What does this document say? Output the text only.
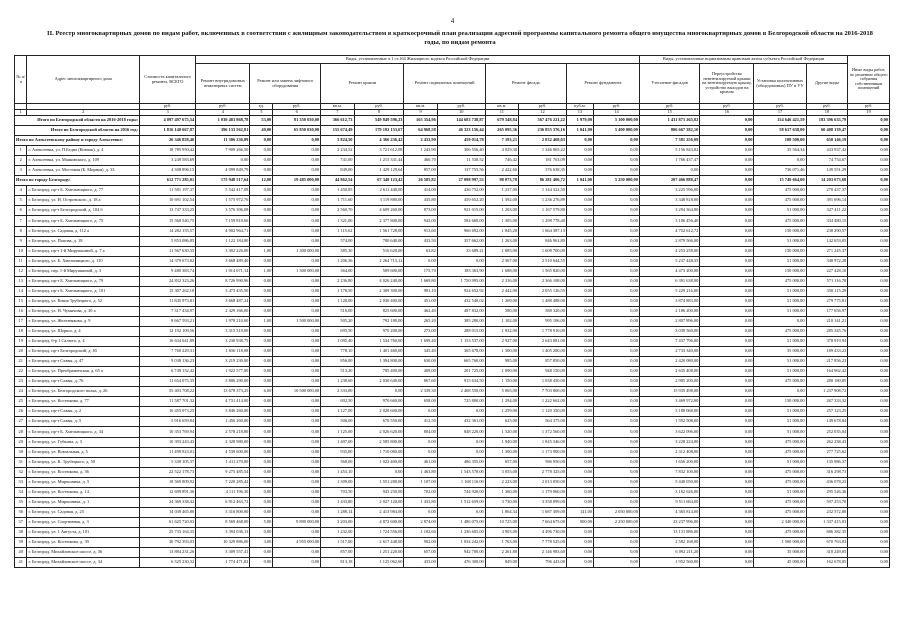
4
II. Реестр многоквартирных домов по видам работ, включенных в соответствии с жилищным законодательством в краткосрочный план реализации адресной программы капитального ремонта общего имущества многоквартирных домов в Белгородской области на 2016-2018 годы, по видам ремонта
№ п/п	Адрес многоквартирного дома	Стоимость капитального ремонта, ВСЕГО	Виды, установленные ч.1 ст.164 Жилищного кодекса Российской Федерации											Виды, установленные нормативным правовым актом субъекта Российской Федерации				Иные виды работ, по решению общего собрания собственников помещений
			Ремонт внутридомовых инженерных систем	Ремонт или замена лифтового оборудования		Ремонт крыши		Ремонт подвальных помещений		Ремонт фасада		Ремонт фундамента		Утепление фасадов	Переустройство невентилируемой крыши на вентилируемую крышу, устройство выходов на кровлю	Установка коллективных (общедомовых) ПУ и УУ	Другие виды	
		руб.	руб.	ед.	руб.	кв.м.	руб.	кв.м.	руб.	кв.м.	руб.	куб.м.	руб.	руб.	руб.	руб.	руб.	руб.
1	2	3	4	5	6	7	8	9	10	11	12	13	14	15	16	17	18	19
Итого по Белгородской области на 2016-2018 годы:		4 097 497 675,54	1 039 483 868,78	53,00	81 350 030,00	366 612,73	549 849 596,23	165 354,96	144 683 738,87	679 548,84	567 476 221,22	1 979,00	5 100 000,00	1 431 871 265,82	0,00	154 646 421,59	183 396 633,79	0,00
Итого по Белгородской области на 2016 год:		1 816 140 667,87	396 133 562,81	40,00	65 850 030,00	155 674,49	179 192 153,67	64 968,58	46 323 156,44	265 095,36	236 855 376,16	1 041,00	5 400 000,00	806 667 382,10	0,00	58 617 638,00	60 408 139,47	0,00
Итого по Алексеевскому району и городу Алексеевке:		26 346 858,40	11 306 236,89	0,00	0,00	3 824,50	4 366 236,42	2 433,90	459 014,78	7 193,21	2 032 468,03	0,00	0,00	7 381 256,09	0,00	108 500,00	658 146,19	0,00
1	г. Алексеевка, ул. П.Бедна (Ковпак), д. 4	18 785 950,42	7 909 266,50	0,00	0,00	2 234,52	3 721 612,08	1 243,90	306 556,40	4 029,30	1 346 065,22	0,00	0,00	5 156 843,82	0,00	35 564,34	433 937,42	0,00
2	г. Алексеевка, ул. Маяковского, д. 109	3 249 583,69	0,00	0,00	0,00	741,00	1 215 331,44	460,70	11 530,52	746,42	181 763,09	0,00	0,00	1 766 437,47	0,00	0,00	74 754,67	0,00
3	г. Алексеевка, ул. Мостовая (Б. Мирная), д. 33	4 308 896,15	4 099 849,79	0,00	0,00	849,00	1 429 129,64	857,00	137 755,56	2 422,60	376 638,35	0,00	0,00	0,00	0,00	736 071,46	149 551,29	0,00
Итого по городу Белгороду:		612 771 285,01	175 948 517,64	12,00	19 485 000,00	44 862,54	67 348 123,42	26 585,82	27 098 997,53	98 073,78	86 281 406,72	1 041,00	5 250 000,00	207 466 888,47	0,00	15 749 664,00	14 203 673,68	0,00
4	г. Белгород, пр-т Б. Хмельницкого, д. 77	11 581 197,37	5 542 417,08	0,00	0,00	1 450,85	2 611 440,00	414,00	436 752,00	1 237,00	1 144 322,50	0,00	0,00	3 225 596,00	0,00	475 000,00	270 437,37	0,00
5	г. Белгород, ул. Н. Островского, д. 18 а	10 691 102,54	1 575 972,76	0,00	0,00	1 711,60	3 119 880,00	435,80	459 652,20	1 392,00	1 236 276,89	0,00	0,00	3 348 818,00	0,00	475 000,00	391 696,14	0,00
6	г. Белгород, пр-т Белгородский, д. 104 б	13 747 333,25	3 576 396,08	0,00	0,00	2 560,70	4 609 260,00	873,00	921 015,00	1 203,00	1 167 579,80	0,00	0,00	3 294 364,80	0,00	51 000,00	327 411,22	0,00
7	г. Белгород, пр-т Б. Хмельницкого, д. 75	15 560 540,75	7 159 818,66	0,00	0,00	1 321,00	2 377 800,00	943,00	584 660,00	1 305,00	1 298 778,40	0,00	0,00	3 106 456,40	0,00	475 000,00	334 480,15	0,00
8	г. Белгород, ул. Садовая, д. 112 а	14 282 155,57	4 902 964,71	0,00	0,00	1 115,62	1 561 728,00	913,60	966 692,00	1 845,20	1 664 387,13	0,00	0,00	4 752 612,72	0,00	150 000,00	238 290,57	0,00
9	г. Белгород, ул. Попова, д. 18	5 853 086,85	1 122 184,00	0,00	0,00	574,00	780 640,00	433,50	357 662,00	1 263,00	846 961,80	0,00	0,00	2 879 566,00	0,00	51 000,00	142 653,05	0,00
10	г. Белгород, пр-т 1-й Мирушкиной, д. 7 а	11 567 630,35	3 302 226,00	1,00	1 300 000,00	385,30	516 620,00	63,82	33 689,21	1 085,00	1 608 700,00	0,00	0,00	4 253 258,00	0,00	150 000,00	271 245,37	0,00
11	г. Белгород, ул. Б. Хмельницкого, д. 110	14 379 673,82	3 668 489,40	0,00	0,00	1 206,36	2 264 713,12	0,00	0,00	2 367,00	2 510 644,55	0,00	0,00	5 237 448,35	0,00	51 000,00	348 972,28	0,00
12	г. Белгород, пер. 1-й Мирушкиной, д. 3	9 480 383,74	1 014 671,14	1,00	1 300 000,00	364,00	509 600,00	175,70	183 363,90	1 688,00	1 565 820,00	0,00	0,00	4 473 200,00	0,00	150 000,00	227 428,10	0,00
13	г. Белгород, пр-т Б. Хмельницкого, д. 79	24 832 323,26	8 726 990,96	0,00	0,00	2 236,80	4 026 240,00	1 669,80	1 750 995,00	2 316,00	2 366 108,00	0,00	0,00	6 391 638,00	0,00	475 000,00	571 116,78	0,00
14	г. Белгород, пр-т Б. Хмельницкого, д. 101	15 307 262,10	3 473 435,50	0,00	0,00	1 178,50	2 309 300,00	981,10	924 652,92	2 442,00	2 055 126,55	0,00	0,00	5 229 216,00	0,00	51 000,00	350 115,29	0,00
15	г. Белгород, ул. Князя Трубецкого, д. 52	11 845 973,81	3 668 487,24	0,00	0,00	1 128,00	2 030 400,00	451,00	432 540,02	1 269,00	1 488 488,00	0,00	0,00	3 874 883,00	0,00	51 000,00	279 775,81	0,00
16	г. Белгород, ул. Н. Чумичова, д. 30 а	7 317 434,97	2 429 166,00	0,00	0,00	516,00	825 600,00	462,40	487 832,00	580,00	588 320,00	0,00	0,00	2 186 200,00	0,00	51 000,00	177 656,97	0,00
17	г. Белгород, ул. Железнякова, д. 9	8 667 593,21	1 978 210,00	1,00	1 500 000,00	505,20	792 180,00	265,20	385 280,00	1 102,00	995 106,00	0,00	0,00	2 807 896,00	0,00	0,00	210 141,21	0,00
18	г. Белгород, ул. Шершо, д. 4	12 192 109,56	3 315 319,00	0,00	0,00	695,50	970 200,00	273,00	288 015,00	1 932,00	1 778 910,00	0,00	0,00	3 039 560,00	0,00	475 000,00	285 345,76	0,00
19	г. Белгород, б-р 1 Салюта, д. 4	16 634 641,89	3 230 938,75	0,00	0,00	1 095,40	1 534 760,00	1 699,40	1 153 537,00	2 927,00	2 643 081,00	0,00	0,00	7 437 796,00	0,00	51 000,00	378 919,94	0,00
20	г. Белгород, пр-т Белгородский, д. 65	7 760 229,31	1 656 118,08	0,00	0,00	778,10	1 401 460,00	345,40	365 678,00	1 500,00	1 405 200,00	0,00	0,00	2 733 340,00	0,00	35 000,00	189 433,23	0,00
21	г. Белгород, пр-т Славы, д. 47	9 038 136,23	3 219 230,00	0,00	0,00	856,00	1 394 800,00	630,00	665 760,00	985,00	857 850,00	0,00	0,00	2 420 080,00	0,00	51 000,00	217 856,23	0,00
22	г. Белгород, ул. Преображенская, д. 65 а	6 749 152,42	1 922 577,00	0,00	0,00	513,20	785 400,00	409,00	201 725,00	1 090,00	948 150,00	0,00	0,00	2 635 408,00	0,00	51 000,00	164 962,42	0,00
23	г. Белгород, пр-т Славы, д. 76	11 654 075,35	3 806 290,00	0,00	0,00	1 238,60	2 030 640,00	867,60	915 634,50	1 150,00	1 038 450,00	0,00	0,00	2 905 200,00	0,00	475 000,00	280 180,85	0,00
24	г. Белгород, ул. Белгородского полка, д. 26	55 403 708,22	13 678 373,25	6,00	10 500 000,00	2 333,00	0,00	2 339,30	2 468 550,00	5 065,00	7 703 800,00	0,00	0,00	15 935 498,00	0,00	0,00	1 237 908,72	0,00
25	г. Белгород, ул. Костюкова, д. 77	11 587 701,32	4 731 414,00	0,00	0,00	692,50	970 660,00	658,00	725 800,00	1 294,00	1 222 662,00	0,00	0,00	3 469 972,00	0,00	150 000,00	267 333,32	0,00
26	г. Белгород, пр-т Славы, д. 2	10 455 073,25	3 846 260,00	0,00	0,00	1 127,00	2 028 600,00	0,00	0,00	1 259,00	1 120 350,00	0,00	0,00	3 180 068,00	0,00	51 000,00	257 123,25	0,00
27	г. Белгород, пр-т Славы, д. 5	5 916 659,84	1 456 260,00	0,00	0,00	506,00	670 550,00	412,50	432 361,00	625,00	564 375,00	0,00	0,00	1 592 508,00	0,00	51 000,00	149 678,84	0,00
28	г. Белгород, пр-т Б. Хмельницкого, д. 34	10 353 769,94	2 578 218,80	0,00	0,00	1 125,00	2 026 620,00	804,00	848 220,00	1 520,00	1 372 560,00	0,00	0,00	3 622 096,00	0,00	51 000,00	252 035,04	0,00
29	г. Белгород, ул. Губкина, д. 3	10 393 243,43	2 328 980,00	0,00	0,00	1 407,00	2 585 800,00	0,00	0,00	1 940,00	1 845 346,00	0,00	0,00	3 228 224,00	0,00	475 000,00	262 238,43	0,00
30	г. Белгород, ул. Вокзальная, д. 5	11 499 923,01	4 539 600,00	0,00	0,00	935,00	1 710 060,00	0,00	0,00	1 300,00	1 173 900,00	0,00	0,00	2 312 408,00	0,00	475 000,00	277 725,62	0,00
31	г. Белгород, ул. К. Трубецкого, д. 50	5 330 105,37	1 411 270,00	0,00	0,00	368,00	1 022 400,00	461,00	486 355,00	657,00	586 950,00	0,00	0,00	1 656 200,00	0,00	51 000,00	135 986,37	0,00
32	г. Белгород, ул. Костюкова, д. 36	22 522 178,73	9 275 485,54	0,00	0,00	1 453,10	0,00	1 463,80	1 543 570,00	3 055,00	2 778 325,00	0,00	0,00	7 832 100,00	0,00	475 000,00	316 298,73	0,00
33	г. Белгород, ул. Мирошника, д. 5	18 569 809,92	7 220 285,42	0,00	0,00	1 309,00	1 551 280,00	1 107,00	1 168 116,00	2 223,00	2 013 050,00	0,00	0,00	5 440 050,00	0,00	475 000,00	436 078,23	0,00
34	г. Белгород, ул. Костюкова, д. 14	12 699 891,36	4 111 196,30	0,00	0,00	703,50	943 250,00	702,00	744 926,00	1 360,00	1 179 960,00	0,00	0,00	3 162 626,00	0,00	51 000,00	295 526,36	0,00
35	г. Белгород, ул. Мирошника, д. 1	24 369 338,42	6 912 463,72	0,00	0,00	1 433,80	2 027 120,00	1 433,80	1 512 659,00	3 730,00	3 358 899,00	0,00	0,00	9 511 684,00	0,00	475 000,00	597 253,70	0,00
36	г. Белгород, ул. Садовая, д. 25	14 039 465,80	3 316 800,00	0,00	0,00	1 288,14	2 413 984,00	0,00	0,00	1 864,34	1 687 309,00	141,00	2 050 000,00	4 365 814,00	0,00	475 000,00	232 572,80	0,00
37	г. Белгород, ул. Спортивная, д. 3	61 625 720,03	8 569 468,00	5,00	9 890 000,00	3 203,00	4 872 600,00	2 874,00	1 486 075,00	10 725,00	7 664 675,00	900,00	2 250 000,00	23 237 996,00	0,00	2 340 000,00	1 337 415,03	0,00
38	г. Белгород, ул. 1 Августа, д. 101	25 733 164,35	3 394 036,13	0,00	0,00	1 232,00	1 724 556,00	1 182,60	1 236 605,00	4 903,00	4 496 730,00	0,00	0,00	13 131 886,00	0,00	475 000,00	686 382,35	0,00
39	г. Белгород, ул. Костюкова, д. 39	30 792 393,03	10 329 886,00	3,00	4 955 000,00	1 517,00	2 617 448,00	902,00	1 034 242,00	1 763,00	7 778 525,00	0,00	0,00	2 582 168,00	0,00	1 500 000,00	670 763,03	0,00
40	г. Белгород, Михайловское шоссе, д. 36	13 884 231,26	3 309 557,41	0,00	0,00	857,00	1 251 220,00	657,00	942 700,00	2 261,80	2 146 983,60	0,00	0,00	6 092 211,20	0,00	35 000,00	310 249,05	0,00
41	г. Белгород, Михайловское шоссе, д. 34	6 325 230,32	1 774 471,82	0,00	0,00	813,18	1 125 062,60	433,00	476 300,00	849,00	796 443,00	0,00	0,00	1 952 560,00	0,00	45 000,00	162 678,05	0,00
